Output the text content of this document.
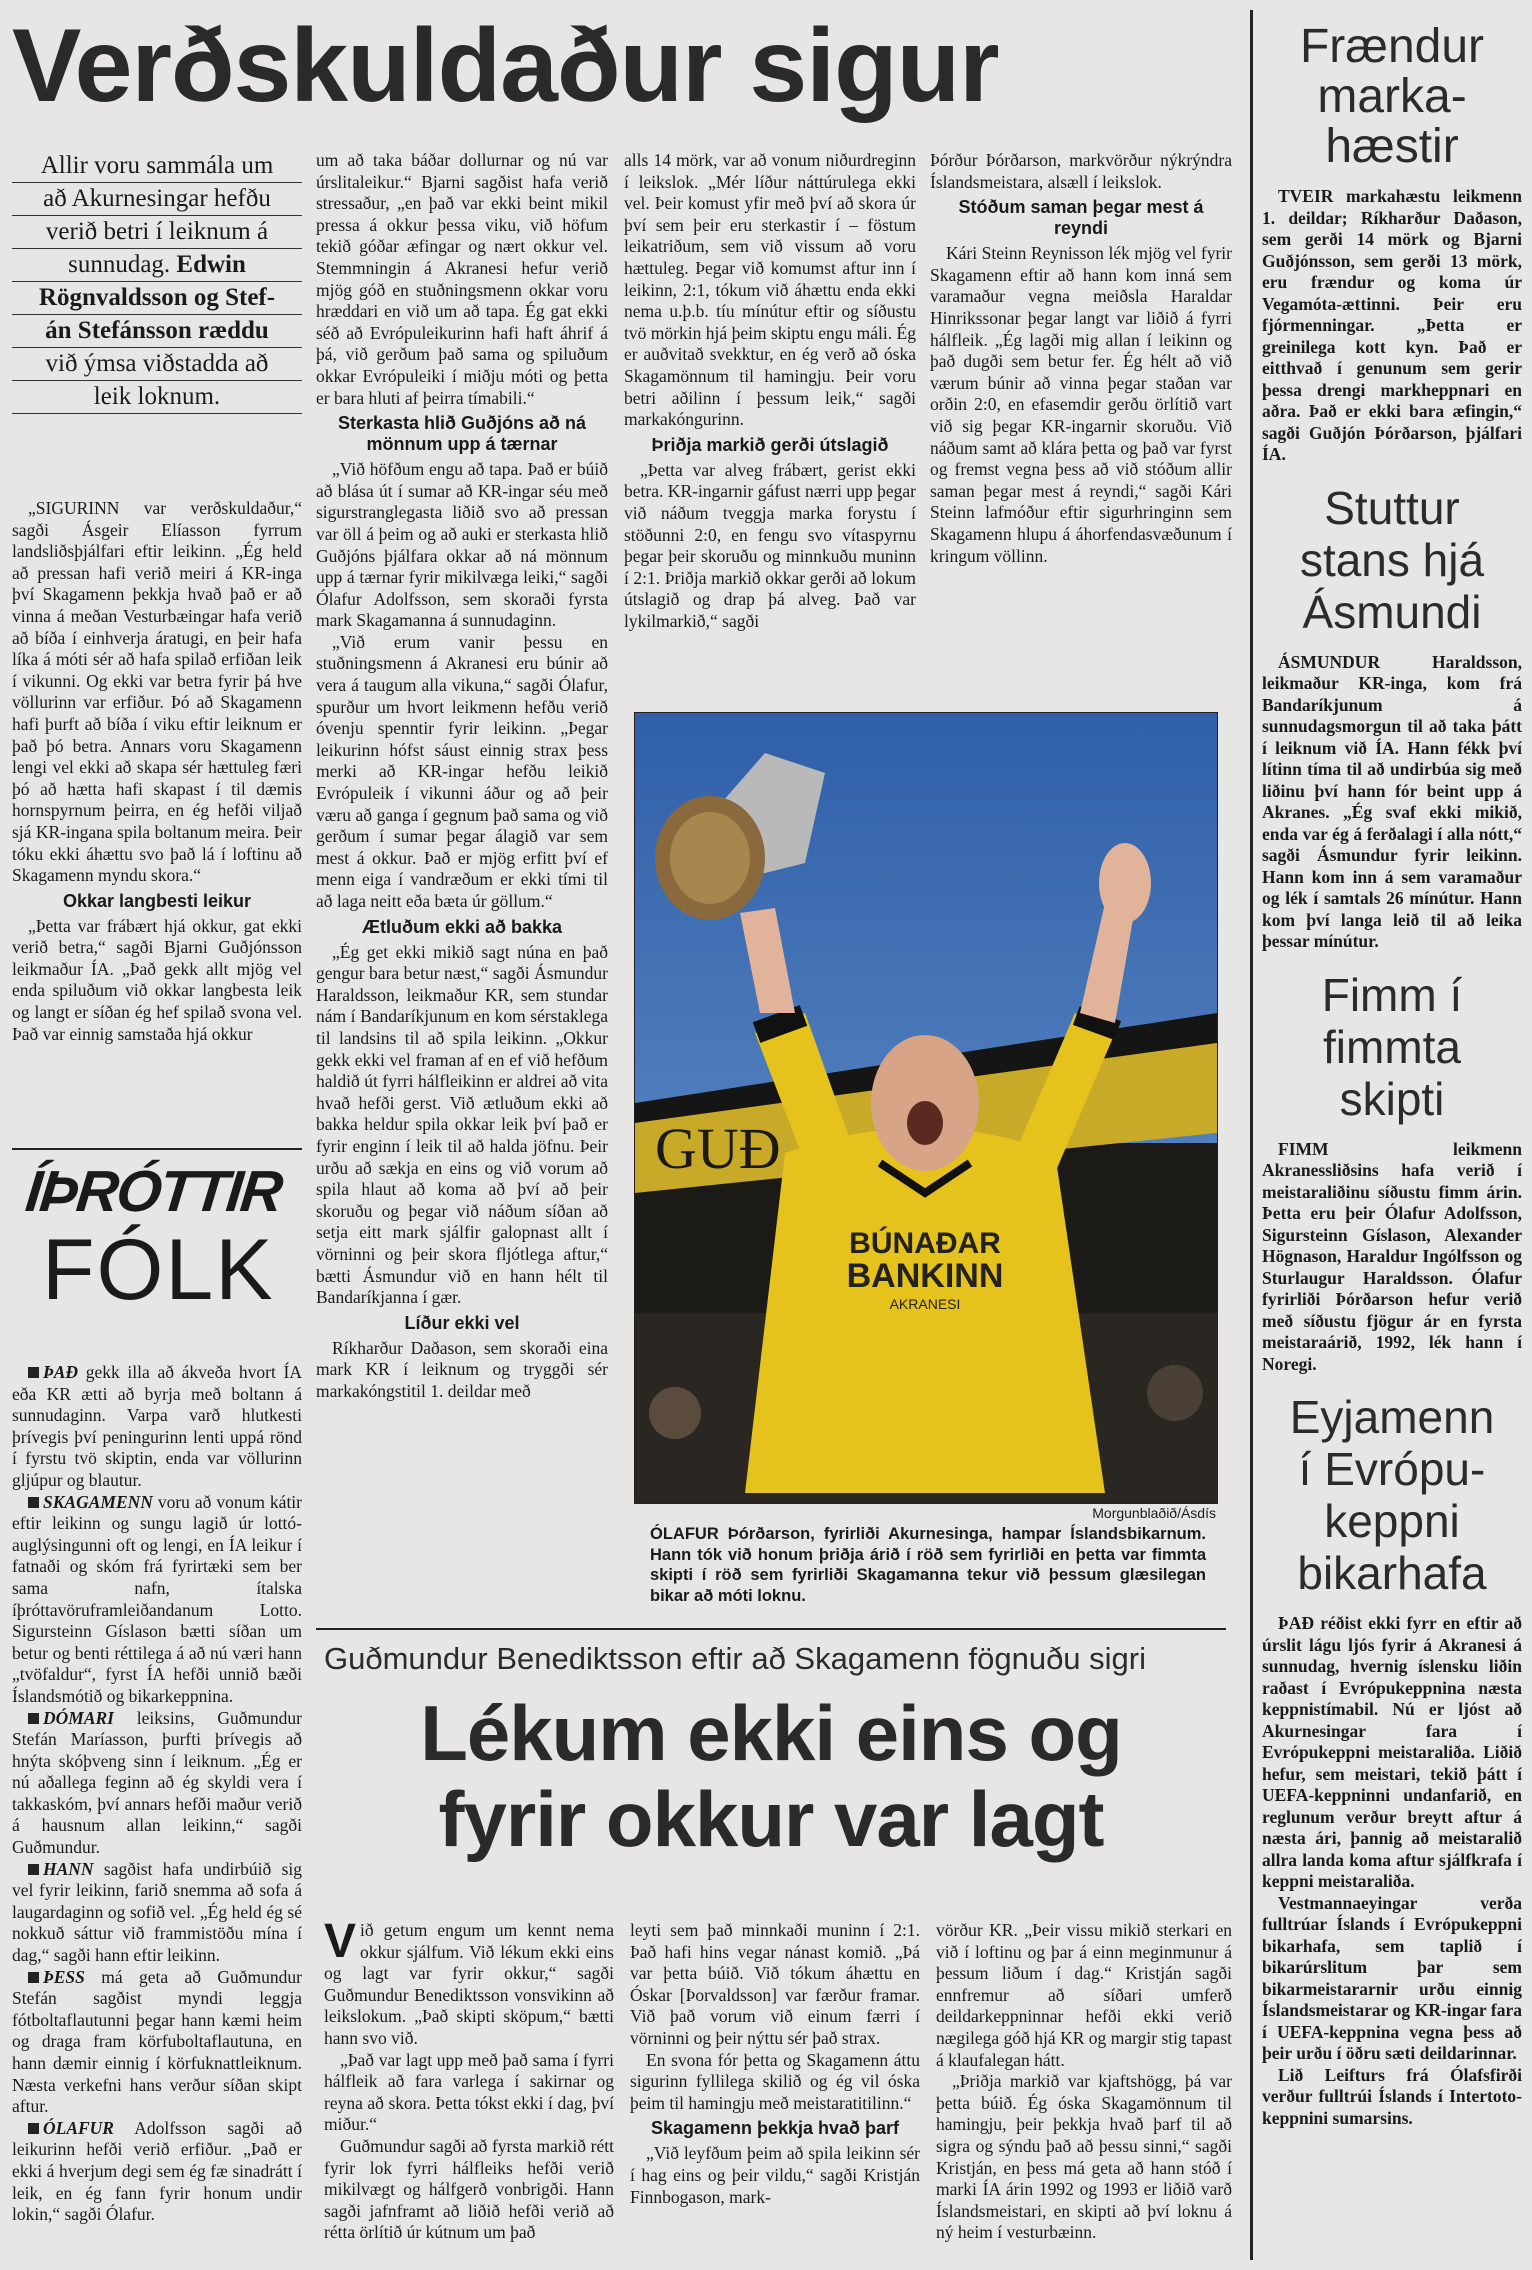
Verðskuldaður sigur
Allir voru sammála um
að Akurnesingar hefðu
verið betri í leiknum á
sunnudag. Edwin
Rögnvaldsson og Stef-
án Stefánsson ræddu
við ýmsa viðstadda að
leik loknum.

„SIGURINN var verðskuldaður,“ sagði Ásgeir Elíasson fyrrum landsliðsþjálfari eftir leikinn. „Ég held að pressan hafi verið meiri á KR-inga því Skagamenn þekkja hvað það er að vinna á meðan Vesturbæingar hafa verið að bíða í einhverja áratugi, en þeir hafa líka á móti sér að hafa spilað erfiðan leik í vikunni. Og ekki var betra fyrir þá hve völlurinn var erfiður. Þó að Skagamenn hafi þurft að bíða í viku eftir leiknum er það þó betra. Annars voru Skagamenn lengi vel ekki að skapa sér hættuleg færi þó að hætta hafi skapast í til dæmis hornspyrnum þeirra, en ég hefði viljað sjá KR-ingana spila boltanum meira. Þeir tóku ekki áhættu svo það lá í loftinu að Skagamenn myndu skora.“

Okkar langbesti leikur

„Þetta var frábært hjá okkur, gat ekki verið betra,“ sagði Bjarni Guðjónsson leikmaður ÍA. „Það gekk allt mjög vel enda spiluðum við okkar langbesta leik og langt er síðan ég hef spilað svona vel. Það var einnig samstaða hjá okkur

ÍÞRÓTTIR
FÓLK

ÞAÐ gekk illa að ákveða hvort ÍA eða KR ætti að byrja með boltann á sunnudaginn. Varpa varð hlutkesti þrívegis því peningurinn lenti uppá rönd í fyrstu tvö skiptin, enda var völlurinn gljúpur og blautur.

SKAGAMENN voru að vonum kátir eftir leikinn og sungu lagið úr lottó-auglýsingunni oft og lengi, en ÍA leikur í fatnaði og skóm frá fyrirtæki sem ber sama nafn, ítalska íþróttavöruframleiðandanum Lotto. Sigursteinn Gíslason bætti síðan um betur og benti réttilega á að nú væri hann „tvöfaldur“, fyrst ÍA hefði unnið bæði Íslandsmótið og bikarkeppnina.

DÓMARI leiksins, Guðmundur Stefán Maríasson, þurfti þrívegis að hnýta skóþveng sinn í leiknum. „Ég er nú aðallega feginn að ég skyldi vera í takkaskóm, því annars hefði maður verið á hausnum allan leikinn,“ sagði Guðmundur.

HANN sagðist hafa undirbúið sig vel fyrir leikinn, farið snemma að sofa á laugardaginn og sofið vel. „Ég held ég sé nokkuð sáttur við frammistöðu mína í dag,“ sagði hann eftir leikinn.

ÞESS má geta að Guðmundur Stefán sagðist myndi leggja fótboltaflautunni þegar hann kæmi heim og draga fram körfuboltaflautuna, en hann dæmir einnig í körfuknattleiknum. Næsta verkefni hans verður síðan skipt aftur.

ÓLAFUR Adolfsson sagði að leikurinn hefði verið erfiður. „Það er ekki á hverjum degi sem ég fæ sinadrátt í leik, en ég fann fyrir honum undir lokin,“ sagði Ólafur.

um að taka báðar dollurnar og nú var úrslitaleikur.“ Bjarni sagðist hafa verið stressaður, „en það var ekki beint mikil pressa á okkur þessa viku, við höfum tekið góðar æfingar og nært okkur vel. Stemmningin á Akranesi hefur verið mjög góð en stuðningsmenn okkar voru hræddari en við um að tapa. Ég gat ekki séð að Evrópuleikurinn hafi haft áhrif á þá, við gerðum það sama og spiluðum okkar Evrópuleiki í miðju móti og þetta er bara hluti af þeirra tímabili.“

Sterkasta hlið Guðjóns að ná mönnum upp á tærnar

„Við höfðum engu að tapa. Það er búið að blása út í sumar að KR-ingar séu með sigurstranglegasta liðið svo að pressan var öll á þeim og að auki er sterkasta hlið Guðjóns þjálfara okkar að ná mönnum upp á tærnar fyrir mikilvæga leiki,“ sagði Ólafur Adolfsson, sem skoraði fyrsta mark Skagamanna á sunnudaginn.

„Við erum vanir þessu en stuðningsmenn á Akranesi eru búnir að vera á taugum alla vikuna,“ sagði Ólafur, spurður um hvort leikmenn hefðu verið óvenju spenntir fyrir leikinn. „Þegar leikurinn hófst sáust einnig strax þess merki að KR-ingar hefðu leikið Evrópuleik í vikunni áður og að þeir væru að ganga í gegnum það sama og við gerðum í sumar þegar álagið var sem mest á okkur. Það er mjög erfitt því ef menn eiga í vandræðum er ekki tími til að laga neitt eða bæta úr göllum.“

Ætluðum ekki að bakka

„Ég get ekki mikið sagt núna en það gengur bara betur næst,“ sagði Ásmundur Haraldsson, leikmaður KR, sem stundar nám í Bandaríkjunum en kom sérstaklega til landsins til að spila leikinn. „Okkur gekk ekki vel framan af en ef við hefðum haldið út fyrri hálfleikinn er aldrei að vita hvað hefði gerst. Við ætluðum ekki að bakka heldur spila okkar leik því það er fyrir enginn í leik til að halda jöfnu. Þeir urðu að sækja en eins og við vorum að spila hlaut að koma að því að þeir skoruðu og þegar við náðum síðan að setja eitt mark sjálfir galopnast allt í vörninni og þeir skora fljótlega aftur,“ bætti Ásmundur við en hann hélt til Bandaríkjanna í gær.

Líður ekki vel

Ríkharður Daðason, sem skoraði eina mark KR í leiknum og tryggði sér markakóngstitil 1. deildar með

alls 14 mörk, var að vonum niðurdreginn í leikslok. „Mér líður náttúrulega ekki vel. Þeir komust yfir með því að skora úr því sem þeir eru sterkastir í – föstum leikatriðum, sem við vissum að voru hættuleg. Þegar við komumst aftur inn í leikinn, 2:1, tókum við áhættu enda ekki nema u.þ.b. tíu mínútur eftir og síðustu tvö mörkin hjá þeim skiptu engu máli. Ég er auðvitað svekktur, en ég verð að óska Skagamönnum til hamingju. Þeir voru betri aðilinn í þessum leik,“ sagði markakóngurinn.

Þriðja markið gerði útslagið

„Þetta var alveg frábært, gerist ekki betra. KR-ingarnir gáfust nærri upp þegar við náðum tveggja marka forystu í stöðunni 2:0, en fengu svo vítaspyrnu þegar þeir skoruðu og minnkuðu muninn í 2:1. Þriðja markið okkar gerði að lokum útslagið og drap þá alveg. Það var lykilmarkið,“ sagði

Þórður Þórðarson, markvörður nýkrýndra Íslandsmeistara, alsæll í leikslok.

Stóðum saman þegar mest á reyndi

Kári Steinn Reynisson lék mjög vel fyrir Skagamenn eftir að hann kom inná sem varamaður vegna meiðsla Haraldar Hinrikssonar þegar langt var liðið á fyrri hálfleik. „Ég lagði mig allan í leikinn og það dugði sem betur fer. Ég hélt að við værum búnir að vinna þegar staðan var orðin 2:0, en efasemdir gerðu örlítið vart við sig þegar KR-ingarnir skoruðu. Við náðum samt að klára þetta og það var fyrst og fremst vegna þess að við stóðum allir saman þegar mest á reyndi,“ sagði Kári Steinn lafmóður eftir sigurhringinn sem Skagamenn hlupu á áhorfendasvæðunum í kringum völlinn.

BÚNAÐAR
BANKINN
AKRANESI
GUÐ
Morgunblaðið/Ásdís
ÓLAFUR Þórðarson, fyrirliði Akurnesinga, hampar Íslandsbikarnum. Hann tók við honum þriðja árið í röð sem fyrirliði en þetta var fimmta skipti í röð sem fyrirliði Skagamanna tekur við þessum glæsilegan bikar að móti loknu.
Guðmundur Benediktsson eftir að Skagamenn fögnuðu sigri
Lékum ekki eins og
fyrir okkur var lagt

Við getum engum um kennt nema okkur sjálfum. Við lékum ekki eins og lagt var fyrir okkur,“ sagði Guðmundur Benediktsson vonsvikinn að leikslokum. „Það skipti sköpum,“ bætti hann svo við.

„Það var lagt upp með það sama í fyrri hálfleik að fara varlega í sakirnar og reyna að skora. Þetta tókst ekki í dag, því miður.“

Guðmundur sagði að fyrsta markið rétt fyrir lok fyrri hálfleiks hefði verið mikilvægt og hálfgerð vonbrigði. Hann sagði jafnframt að liðið hefði verið að rétta örlítið úr kútnum um það

leyti sem það minnkaði muninn í 2:1. Það hafi hins vegar nánast komið. „Þá var þetta búið. Við tókum áhættu en Óskar [Þorvaldsson] var færður framar. Við það vorum við einum færri í vörninni og þeir nýttu sér það strax.

En svona fór þetta og Skagamenn áttu sigurinn fyllilega skilið og ég vil óska þeim til hamingju með meistaratitilinn.“

Skagamenn þekkja hvað þarf

„Við leyfðum þeim að spila leikinn sér í hag eins og þeir vildu,“ sagði Kristján Finnbogason, mark-

vörður KR. „Þeir vissu mikið sterkari en við í loftinu og þar á einn meginmunur á þessum liðum í dag.“ Kristján sagði ennfremur að síðari umferð deildarkeppninnar hefði ekki verið nægilega góð hjá KR og margir stig tapast á klaufalegan hátt.

„Þriðja markið var kjaftshögg, þá var þetta búið. Ég óska Skagamönnum til hamingju, þeir þekkja hvað þarf til að sigra og sýndu það að þessu sinni,“ sagði Kristján, en þess má geta að hann stóð í marki ÍA árin 1992 og 1993 er liðið varð Íslandsmeistari, en skipti að því loknu á ný heim í vesturbæinn.

Frændur
marka-
hæstir

TVEIR markahæstu leikmenn 1. deildar; Ríkharður Daðason, sem gerði 14 mörk og Bjarni Guðjónsson, sem gerði 13 mörk, eru frændur og koma úr Vegamóta-ættinni. Þeir eru fjórmenningar. „Þetta er greinilega kott kyn. Það er eitthvað í genunum sem gerir þessa drengi markheppnari en aðra. Það er ekki bara æfingin,“ sagði Guðjón Þórðarson, þjálfari ÍA.

Stuttur
stans hjá
Ásmundi

ÁSMUNDUR Haraldsson, leikmaður KR-inga, kom frá Bandaríkjunum á sunnudagsmorgun til að taka þátt í leiknum við ÍA. Hann fékk því lítinn tíma til að undirbúa sig með liðinu því hann fór beint upp á Akranes. „Ég svaf ekki mikið, enda var ég á ferðalagi í alla nótt,“ sagði Ásmundur fyrir leikinn. Hann kom inn á sem varamaður og lék í samtals 26 mínútur. Hann kom því langa leið til að leika þessar mínútur.

Fimm í
fimmta
skipti

FIMM leikmenn Akranessliðsins hafa verið í meistaraliðinu síðustu fimm árin. Þetta eru þeir Ólafur Adolfsson, Sigursteinn Gíslason, Alexander Högnason, Haraldur Ingólfsson og Sturlaugur Haraldsson. Ólafur fyrirliði Þórðarson hefur verið með síðustu fjögur ár en fyrsta meistaraárið, 1992, lék hann í Noregi.

Eyjamenn
í Evrópu-
keppni
bikarhafa

ÞAÐ réðist ekki fyrr en eftir að úrslit lágu ljós fyrir á Akranesi á sunnudag, hvernig íslensku liðin raðast í Evrópukeppnina næsta keppnistímabil. Nú er ljóst að Akurnesingar fara í Evrópukeppni meistaraliða. Liðið hefur, sem meistari, tekið þátt í UEFA-keppninni undanfarið, en reglunum verður breytt aftur á næsta ári, þannig að meistaralið allra landa koma aftur sjálfkrafa í keppni meistaraliða.

Vestmannaeyingar verða fulltrúar Íslands í Evrópukeppni bikarhafa, sem taplið í bikarúrslitum þar sem bikarmeistararnir urðu einnig Íslandsmeistarar og KR-ingar fara í UEFA-keppnina vegna þess að þeir urðu í öðru sæti deildarinnar.

Lið Leifturs frá Ólafsfirði verður fulltrúi Íslands í Intertoto-keppnini sumarsins.
